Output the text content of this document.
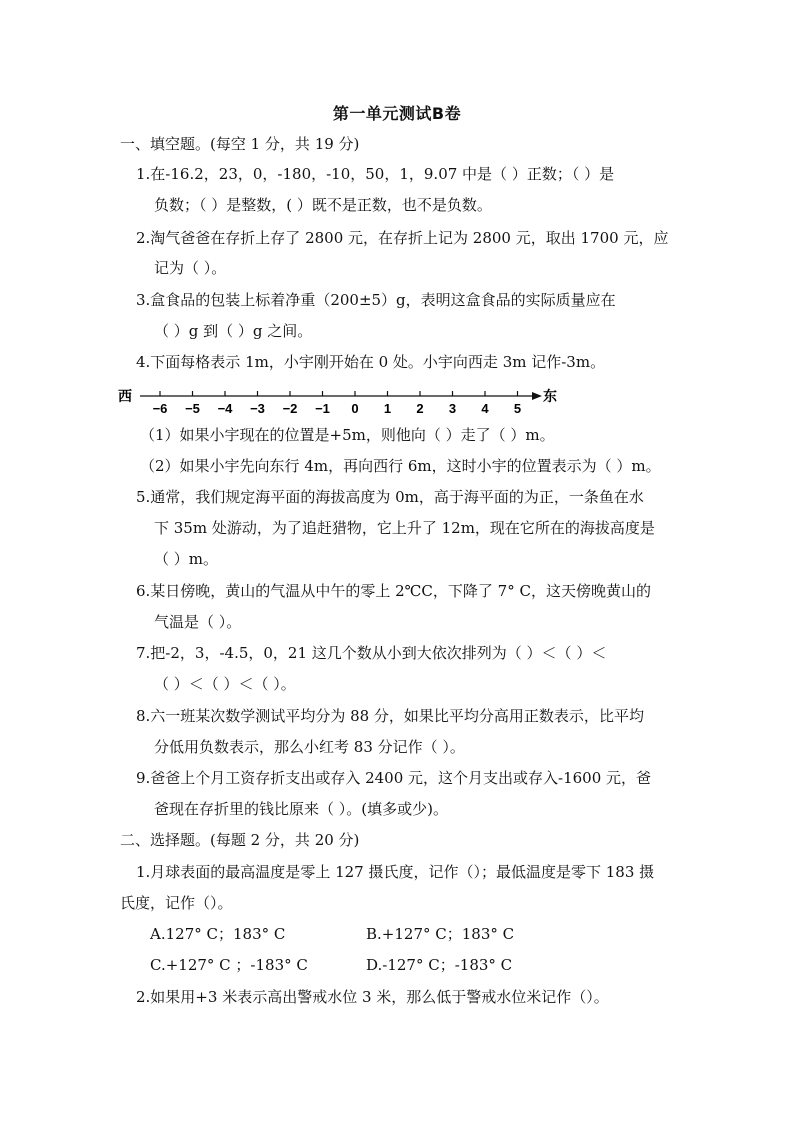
第一单元测试B卷
一、填空题。(每空 1 分，共 19 分)
1.在-16.2，23，0，-180，-10，50，1，9.07 中是（ ）正数；（ ）是
负数；（ ）是整数，( ）既不是正数，也不是负数。
2.淘气爸爸在存折上存了 2800 元，在存折上记为 2800 元，取出 1700 元，应
记为（ ）。
3.盒食品的包装上标着净重（200±5）g，表明这盒食品的实际质量应在
（ ）g 到（ ）g 之间。
4.下面每格表示 1m，小宇刚开始在 0 处。小宇向西走 3m 记作-3m。
西	东
−6 −5 −4 −3 −2 −1 0 1 2 3 4 5
（1）如果小宇现在的位置是+5m，则他向（ ）走了（ ）m。
（2）如果小宇先向东行 4m，再向西行 6m，这时小宇的位置表示为（ ）m。
5.通常，我们规定海平面的海拔高度为 0m，高于海平面的为正，一条鱼在水
下 35m 处游动，为了追赶猎物，它上升了 12m，现在它所在的海拔高度是
（ ）m。
6.某日傍晚，黄山的气温从中午的零上 2℃C，下降了 7° C，这天傍晚黄山的
气温是（ ）。
7.把-2，3，-4.5，0，21 这几个数从小到大依次排列为（ ）＜（ ）＜
（ ）＜（ ）＜（ ）。
8.六一班某次数学测试平均分为 88 分，如果比平均分高用正数表示，比平均
分低用负数表示，那么小红考 83 分记作（ ）。
9.爸爸上个月工资存折支出或存入 2400 元，这个月支出或存入-1600 元，爸
爸现在存折里的钱比原来（ ）。(填多或少)。
二、选择题。(每题 2 分，共 20 分)
1.月球表面的最高温度是零上 127 摄氏度，记作（）；最低温度是零下 183 摄
氏度，记作（）。
A.127° C；183° C	B.+127° C；183° C
C.+127° C ；-183° C	D.-127° C；-183° C
2.如果用+3 米表示高出警戒水位 3 米，那么低于警戒水位米记作（）。
